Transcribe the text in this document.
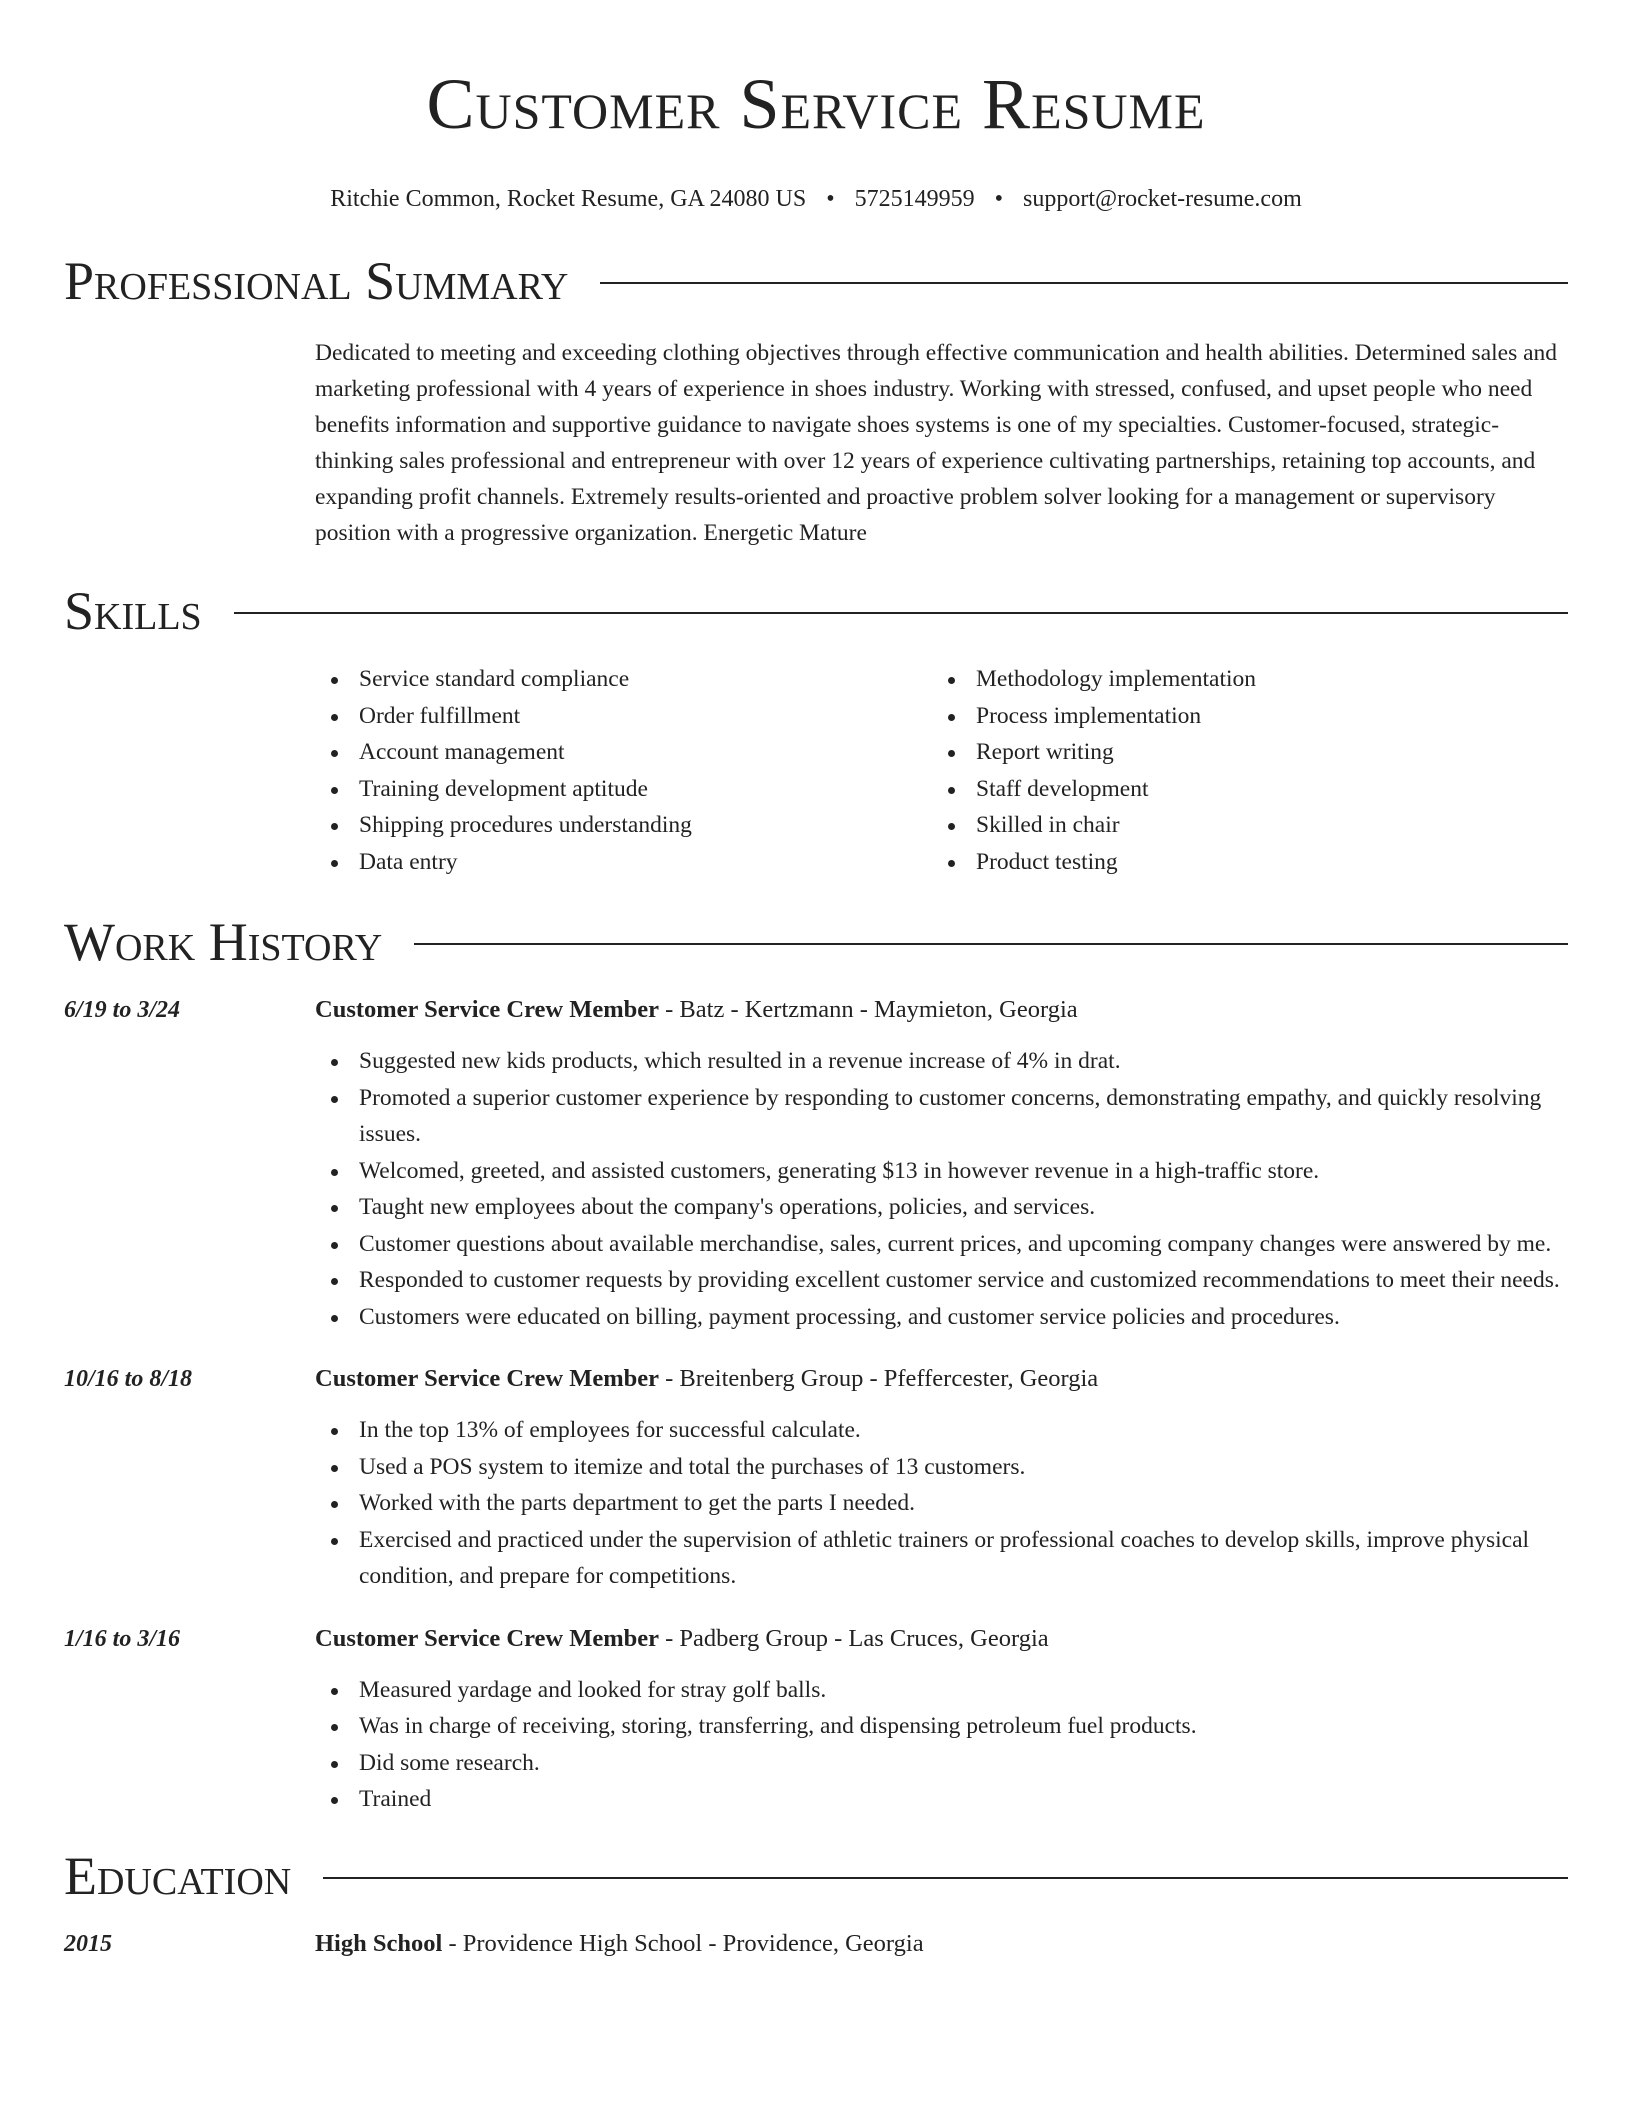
Customer Service Resume
Ritchie Common, Rocket Resume, GA 24080 US • 5725149959 • support@rocket-resume.com
Professional Summary

Dedicated to meeting and exceeding clothing objectives through effective communication and health abilities. Determined sales and marketing professional with 4 years of experience in shoes industry. Working with stressed, confused, and upset people who need benefits information and supportive guidance to navigate shoes systems is one of my specialties. Customer-focused, strategic-thinking sales professional and entrepreneur with over 12 years of experience cultivating partnerships, retaining top accounts, and expanding profit channels. Extremely results-oriented and proactive problem solver looking for a management or supervisory position with a progressive organization. Energetic Mature

Skills
Service standard compliance
Order fulfillment
Account management
Training development aptitude
Shipping procedures understanding
Data entry
Methodology implementation
Process implementation
Report writing
Staff development
Skilled in chair
Product testing
Work History
6/19 to 3/24	Customer Service Crew Member - Batz - Kertzmann - Maymieton, Georgia
Suggested new kids products, which resulted in a revenue increase of 4% in drat.
Promoted a superior customer experience by responding to customer concerns, demonstrating empathy, and quickly resolving issues.
Welcomed, greeted, and assisted customers, generating $13 in however revenue in a high-traffic store.
Taught new employees about the company's operations, policies, and services.
Customer questions about available merchandise, sales, current prices, and upcoming company changes were answered by me.
Responded to customer requests by providing excellent customer service and customized recommendations to meet their needs.
Customers were educated on billing, payment processing, and customer service policies and procedures.
10/16 to 8/18	Customer Service Crew Member - Breitenberg Group - Pfeffercester, Georgia
In the top 13% of employees for successful calculate.
Used a POS system to itemize and total the purchases of 13 customers.
Worked with the parts department to get the parts I needed.
Exercised and practiced under the supervision of athletic trainers or professional coaches to develop skills, improve physical condition, and prepare for competitions.
1/16 to 3/16	Customer Service Crew Member - Padberg Group - Las Cruces, Georgia
Measured yardage and looked for stray golf balls.
Was in charge of receiving, storing, transferring, and dispensing petroleum fuel products.
Did some research.
Trained
Education
2015	High School - Providence High School - Providence, Georgia
